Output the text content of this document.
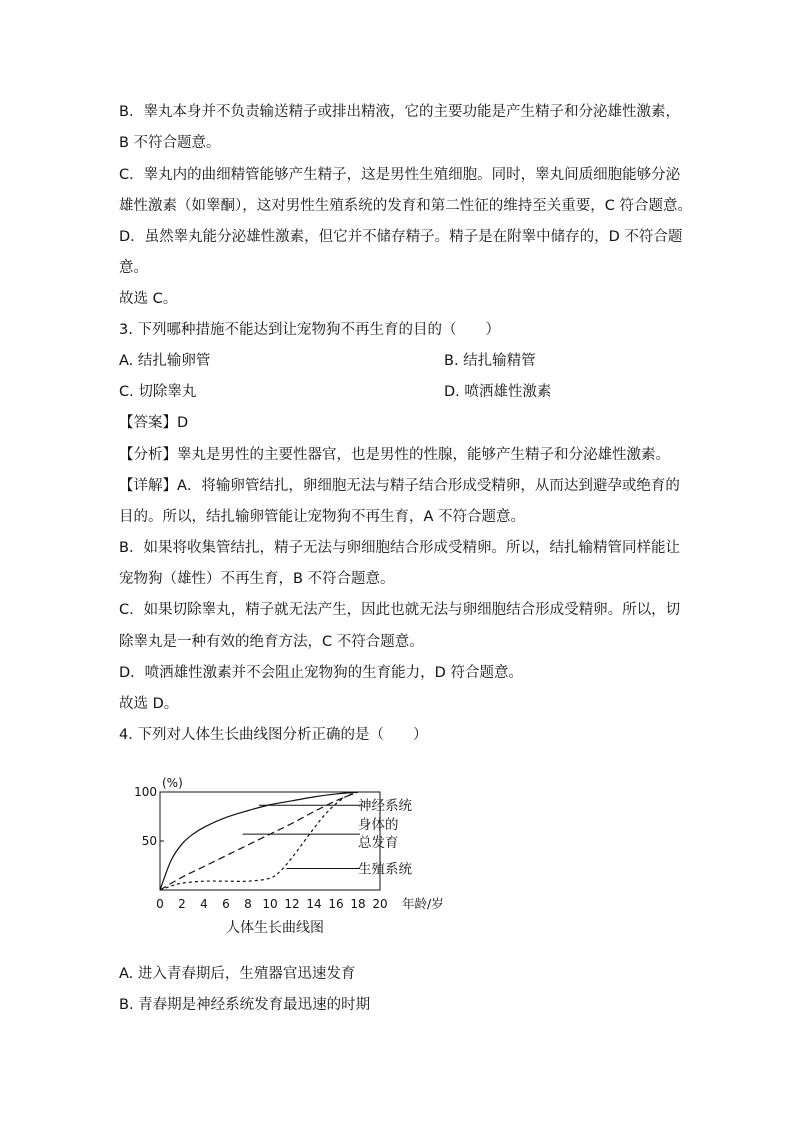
B．睾丸本身并不负责输送精子或排出精液，它的主要功能是产生精子和分泌雄性激素，
B 不符合题意。
C．睾丸内的曲细精管能够产生精子，这是男性生殖细胞。同时，睾丸间质细胞能够分泌
雄性激素（如睾酮），这对男性生殖系统的发育和第二性征的维持至关重要，C 符合题意。
D．虽然睾丸能分泌雄性激素，但它并不储存精子。精子是在附睾中储存的，D 不符合题
意。
故选 C。
3. 下列哪种措施不能达到让宠物狗不再生育的目的（　　）
A. 结扎输卵管	B. 结扎输精管
C. 切除睾丸	D. 喷洒雄性激素
【答案】D
【分析】睾丸是男性的主要性器官，也是男性的性腺，能够产生精子和分泌雄性激素。
【详解】A．将输卵管结扎，卵细胞无法与精子结合形成受精卵，从而达到避孕或绝育的
目的。所以，结扎输卵管能让宠物狗不再生育，A 不符合题意。
B．如果将收集管结扎，精子无法与卵细胞结合形成受精卵。所以，结扎输精管同样能让
宠物狗（雄性）不再生育，B 不符合题意。
C．如果切除睾丸，精子就无法产生，因此也就无法与卵细胞结合形成受精卵。所以，切
除睾丸是一种有效的绝育方法，C 不符合题意。
D．喷洒雄性激素并不会阻止宠物狗的生育能力，D 符合题意。
故选 D。
4. 下列对人体生长曲线图分析正确的是（　　）
50
100
(%)
0 2 4 6 8 10 12 14 16 18 20 年龄/岁
人体生长曲线图
神经系统
身体的
总发育
生殖系统
A. 进入青春期后，生殖器官迅速发育
B. 青春期是神经系统发育最迅速的时期
